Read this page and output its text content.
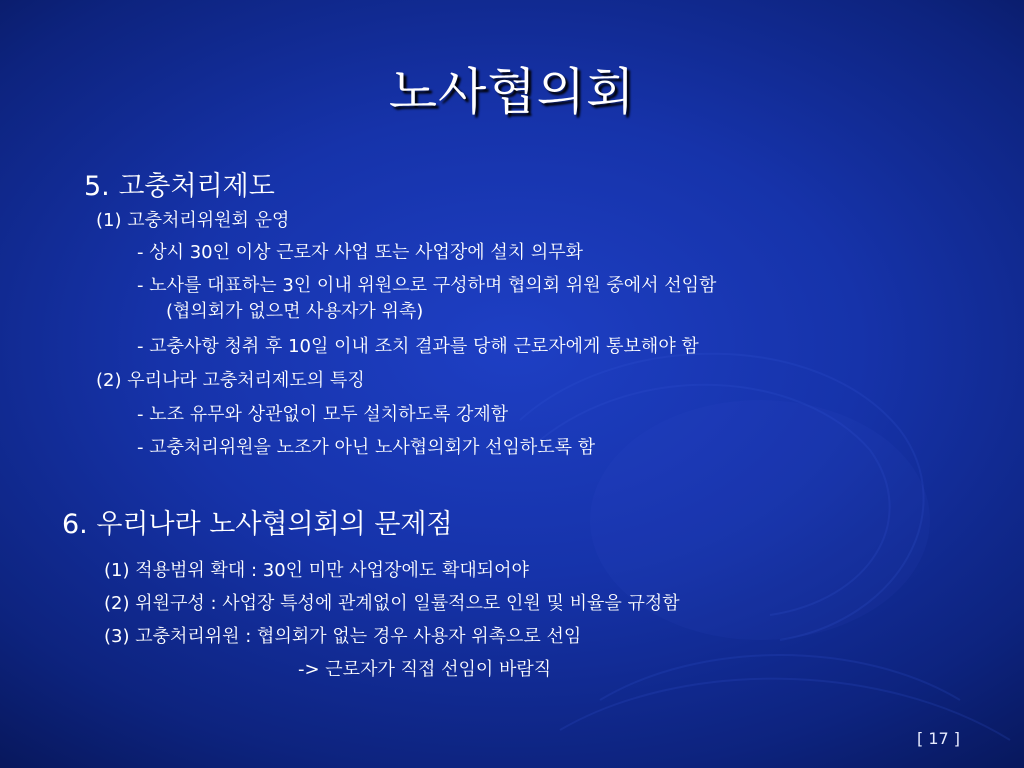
노사협의회
5. 고충처리제도
(1) 고충처리위원회 운영
- 상시 30인 이상 근로자 사업 또는 사업장에 설치 의무화
- 노사를 대표하는 3인 이내 위원으로 구성하며 협의회 위원 중에서 선임함
(협의회가 없으면 사용자가 위촉)
- 고충사항 청취 후 10일 이내 조치 결과를 당해 근로자에게 통보해야 함
(2) 우리나라 고충처리제도의 특징
- 노조 유무와 상관없이 모두 설치하도록 강제함
- 고충처리위원을 노조가 아닌 노사협의회가 선임하도록 함
6. 우리나라 노사협의회의 문제점
(1) 적용범위 확대 : 30인 미만 사업장에도 확대되어야
(2) 위원구성 : 사업장 특성에 관계없이 일률적으로 인원 및 비율을 규정함
(3) 고충처리위원 : 협의회가 없는 경우 사용자 위촉으로 선임
-> 근로자가 직접 선임이 바람직
[ 17 ]
